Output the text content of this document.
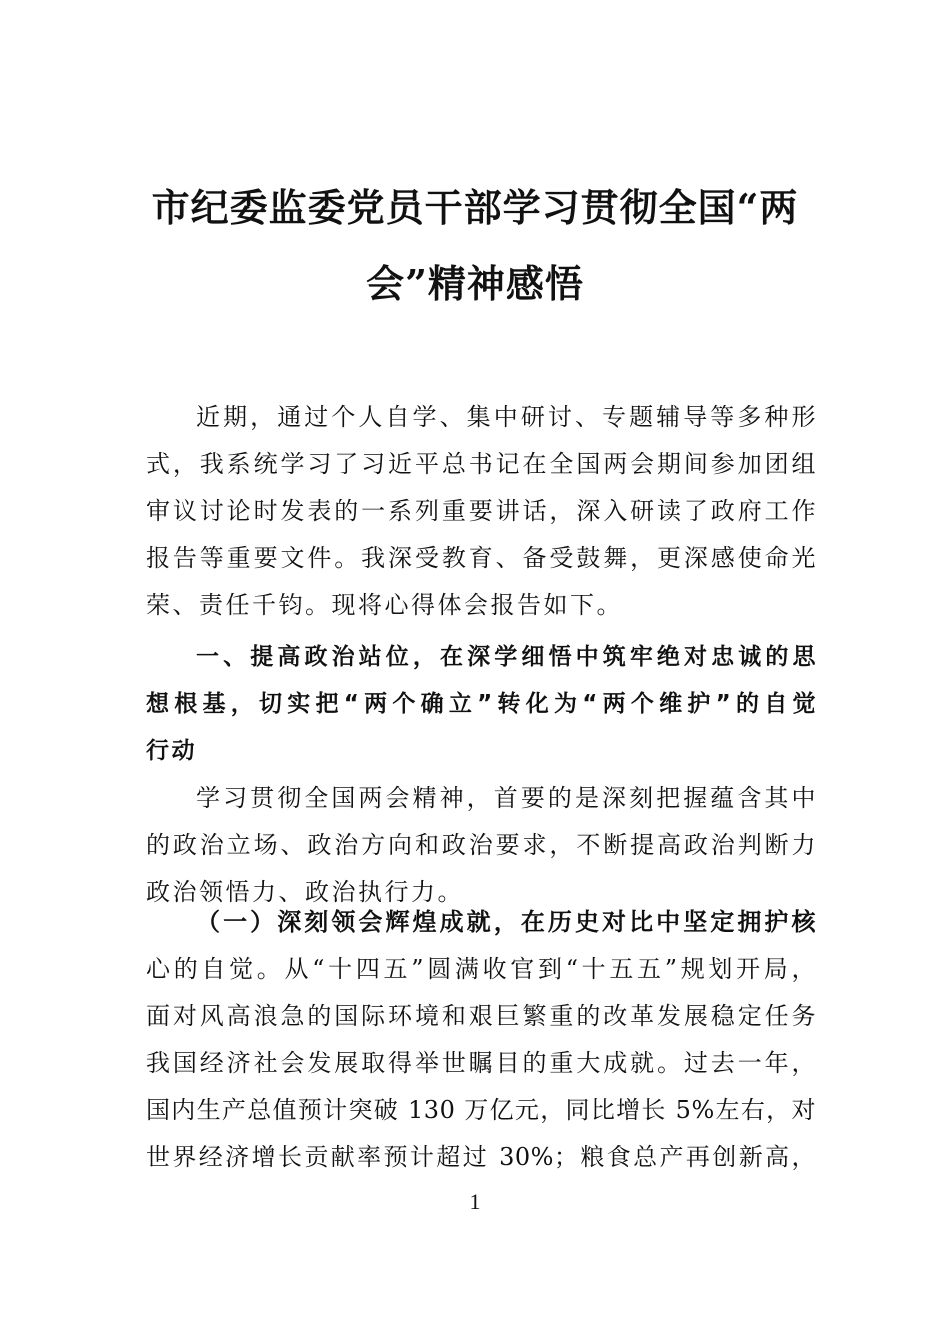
市纪委监委党员干部学习贯彻全国“两
会”精神感悟
近期，通过个人自学、集中研讨、专题辅导等多种形
式，我系统学习了习近平总书记在全国两会期间参加团组
审议讨论时发表的一系列重要讲话，深入研读了政府工作
报告等重要文件。我深受教育、备受鼓舞，更深感使命光
荣、责任千钧。现将心得体会报告如下。
一、提高政治站位，在深学细悟中筑牢绝对忠诚的思
想根基，切实把“两个确立”转化为“两个维护”的自觉
行动
学习贯彻全国两会精神，首要的是深刻把握蕴含其中
的政治立场、政治方向和政治要求，不断提高政治判断力
政治领悟力、政治执行力。
（一）深刻领会辉煌成就，在历史对比中坚定拥护核
心的自觉。从“十四五”圆满收官到“十五五”规划开局，
面对风高浪急的国际环境和艰巨繁重的改革发展稳定任务
我国经济社会发展取得举世瞩目的重大成就。过去一年，
国内生产总值预计突破 130 万亿元，同比增长 5%左右，对
世界经济增长贡献率预计超过 30%；粮食总产再创新高，
1
